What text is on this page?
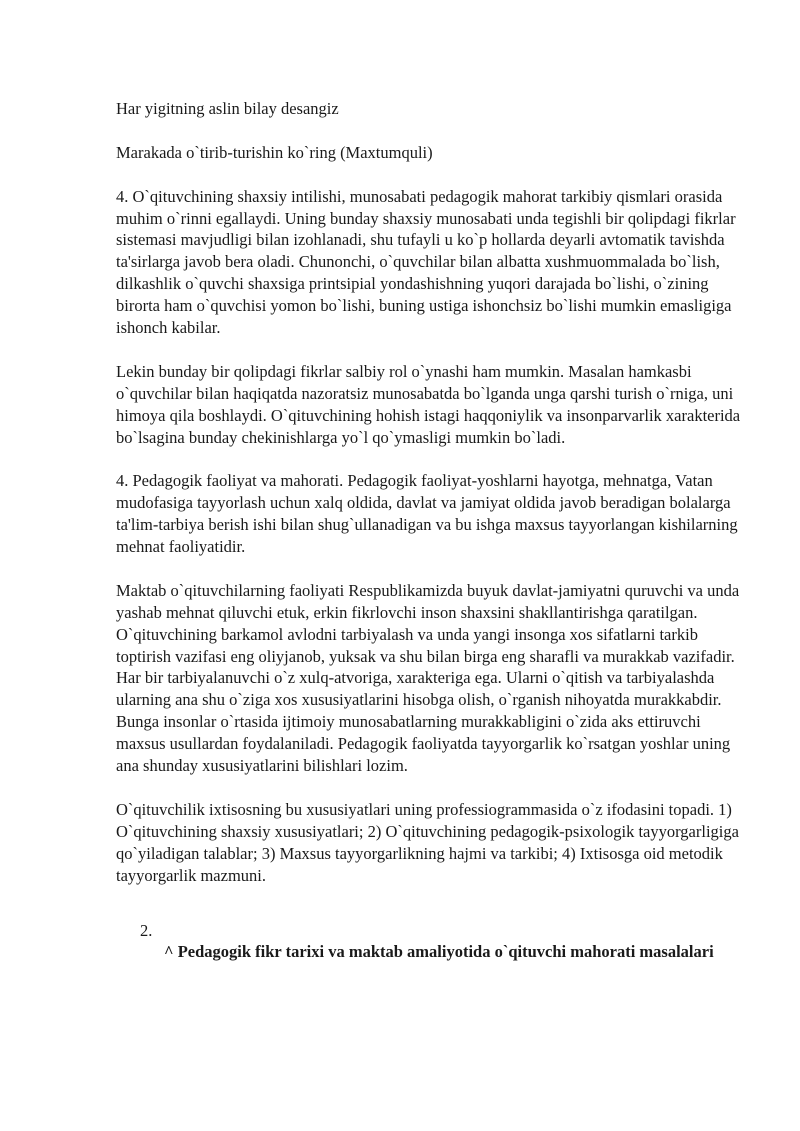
Har yigitning aslin bilay desangiz

Marakada o`tirib-turishin ko`ring (Maxtumquli)

4. O`qituvchining shaxsiy intilishi, munosabati pedagogik mahorat tarkibiy qismlari orasida muhim o`rinni egallaydi. Uning bunday shaxsiy munosabati unda tegishli bir qolipdagi fikrlar sistemasi mavjudligi bilan izohlanadi, shu tufayli u ko`p hollarda deyarli avtomatik tavishda ta'sirlarga javob bera oladi. Chunonchi, o`quvchilar bilan albatta xushmuommalada bo`lish, dilkashlik o`quvchi shaxsiga printsipial yondashishning yuqori darajada bo`lishi, o`zining birorta ham o`quvchisi yomon bo`lishi, buning ustiga ishonchsiz bo`lishi mumkin emasligiga ishonch kabilar.

Lekin bunday bir qolipdagi fikrlar salbiy rol o`ynashi ham mumkin. Masalan hamkasbi o`quvchilar bilan haqiqatda nazoratsiz munosabatda bo`lganda unga qarshi turish o`rniga, uni himoya qila boshlaydi. O`qituvchining hohish istagi haqqoniylik va insonparvarlik xarakterida bo`lsagina bunday chekinishlarga yo`l qo`ymasligi mumkin bo`ladi.

4. Pedagogik faoliyat va mahorati. Pedagogik faoliyat-yoshlarni hayotga, mehnatga, Vatan mudofasiga tayyorlash uchun xalq oldida, davlat va jamiyat oldida javob beradigan bolalarga ta'lim-tarbiya berish ishi bilan shug`ullanadigan va bu ishga maxsus tayyorlangan kishilarning mehnat faoliyatidir.

Maktab o`qituvchilarning faoliyati Respublikamizda buyuk davlat-jamiyatni quruvchi va unda yashab mehnat qiluvchi etuk, erkin fikrlovchi inson shaxsini shakllantirishga qaratilgan. O`qituvchining barkamol avlodni tarbiyalash va unda yangi insonga xos sifatlarni tarkib toptirish vazifasi eng oliyjanob, yuksak va shu bilan birga eng sharafli va murakkab vazifadir. Har bir tarbiyalanuvchi o`z xulq-atvoriga, xarakteriga ega. Ularni o`qitish va tarbiyalashda ularning ana shu o`ziga xos xususiyatlarini hisobga olish, o`rganish nihoyatda murakkabdir. Bunga insonlar o`rtasida ijtimoiy munosabatlarning murakkabligini o`zida aks ettiruvchi maxsus usullardan foydalaniladi. Pedagogik faoliyatda tayyorgarlik ko`rsatgan yoshlar uning ana shunday xususiyatlarini bilishlari lozim.

O`qituvchilik ixtisosning bu xususiyatlari uning professiogrammasida o`z ifodasini topadi. 1) O`qituvchining shaxsiy xususiyatlari; 2) O`qituvchining pedagogik-psixologik tayyorgarligiga qo`yiladigan talablar; 3) Maxsus tayyorgarlikning hajmi va tarkibi; 4) Ixtisosga oid metodik tayyorgarlik mazmuni.

2.
^ Pedagogik fikr tarixi va maktab amaliyotida o`qituvchi mahorati masalalari
